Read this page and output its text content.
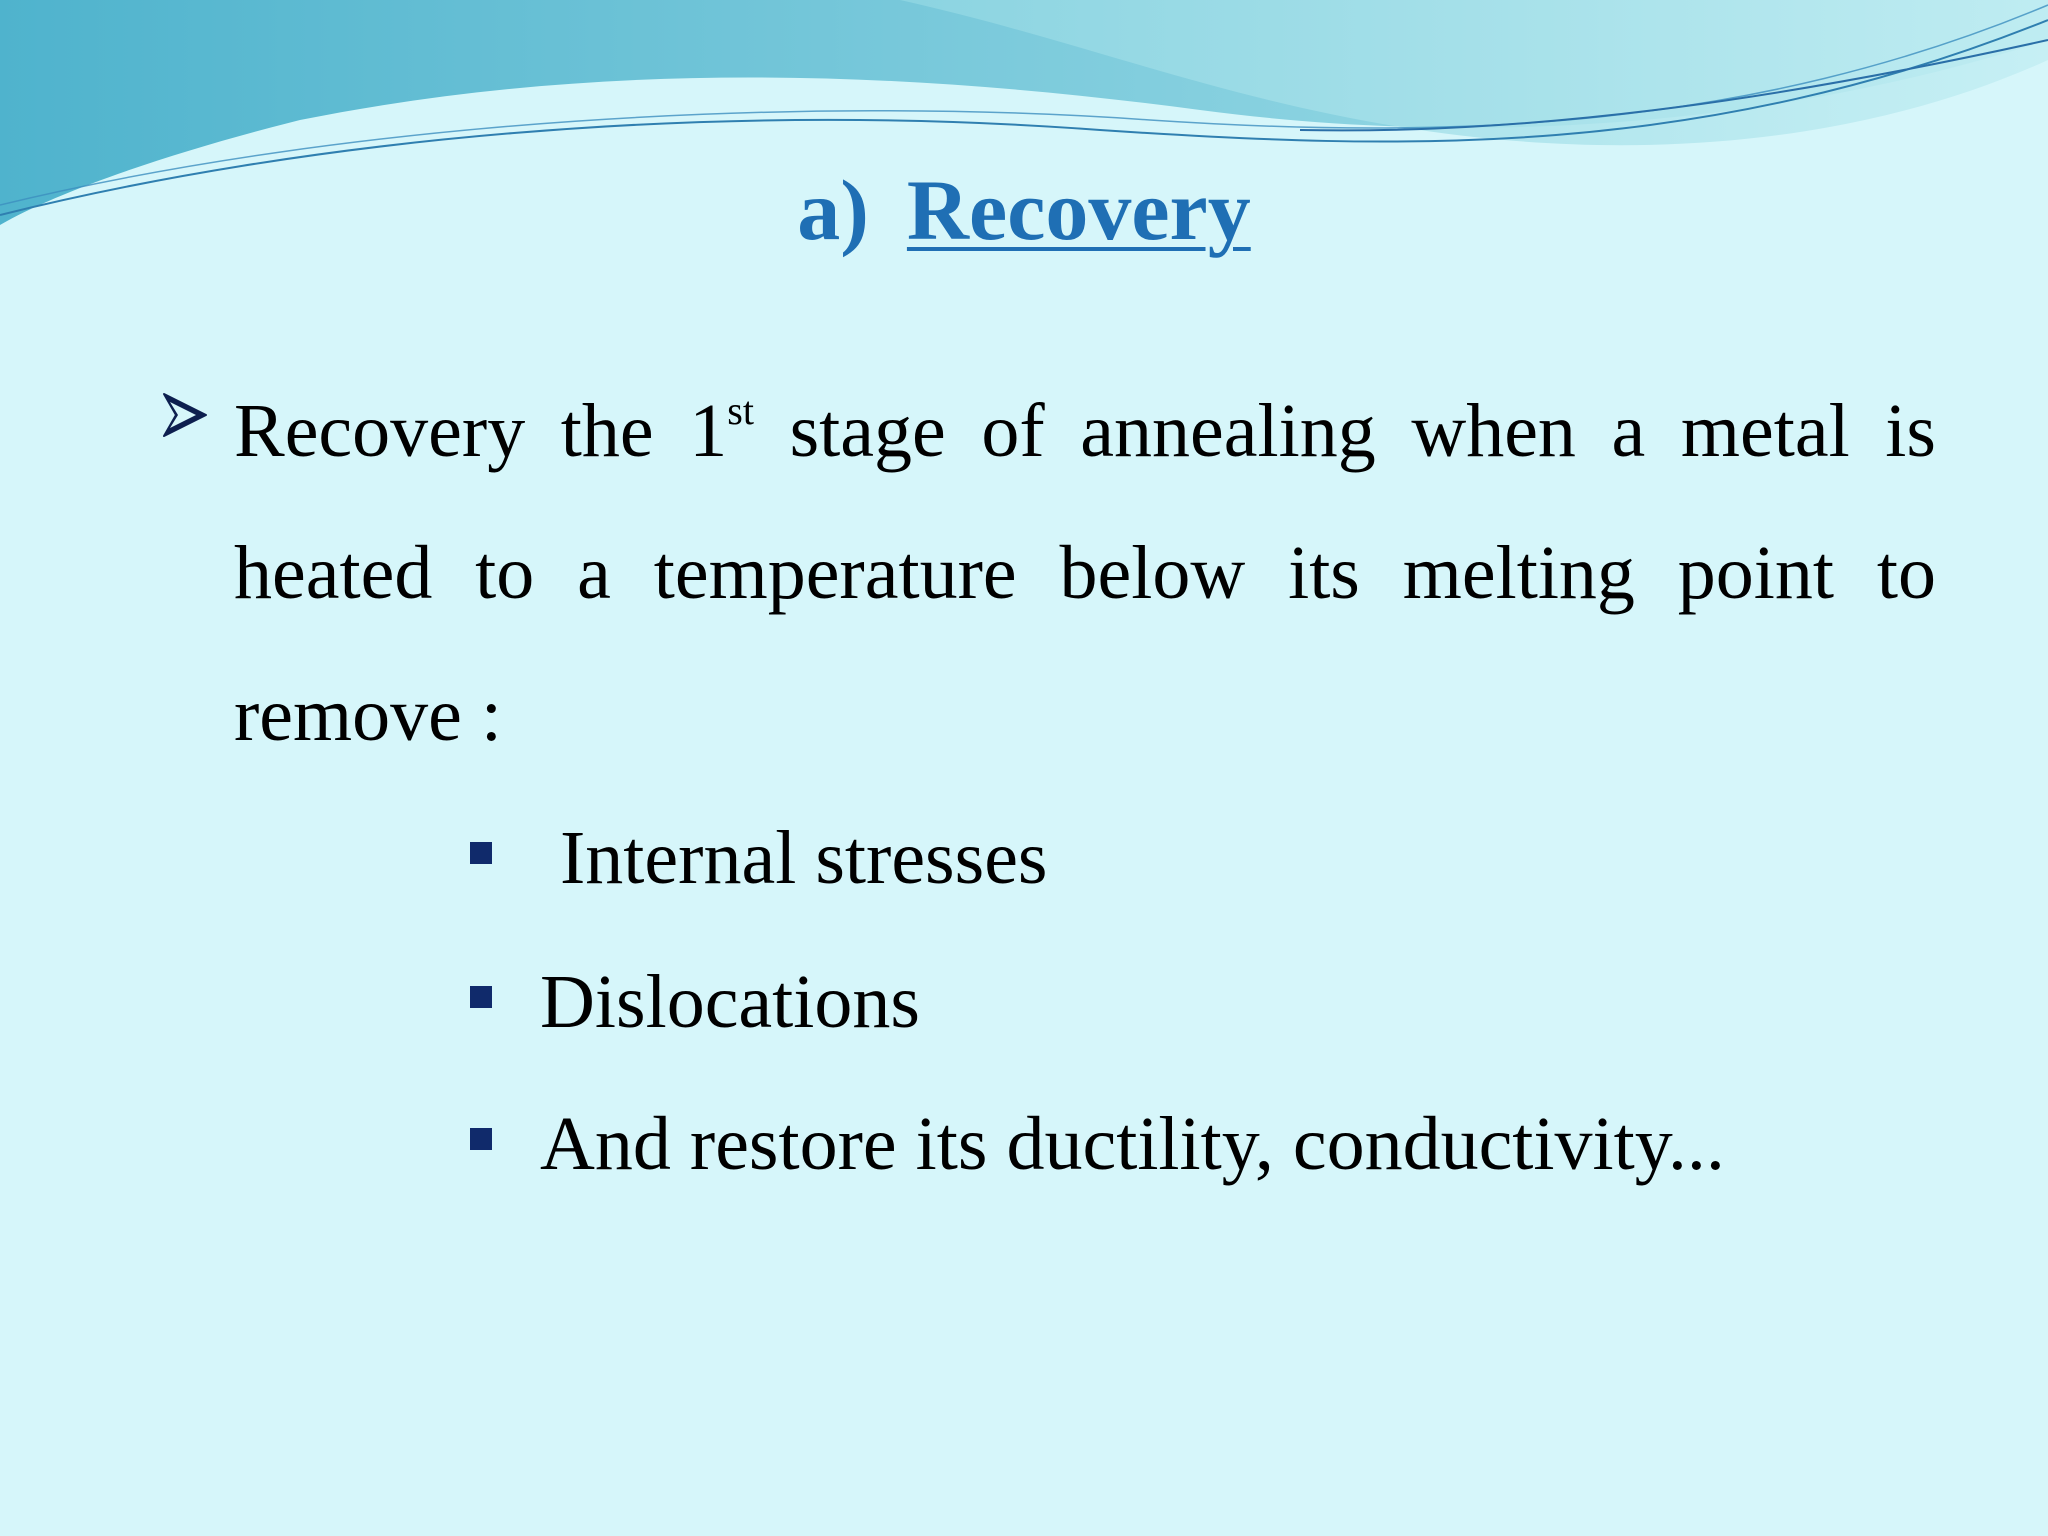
a) Recovery
Recovery the 1st stage of annealing when a metal is heated to a temperature below its melting point to remove :
Internal stresses
Dislocations
And restore its ductility, conductivity...
